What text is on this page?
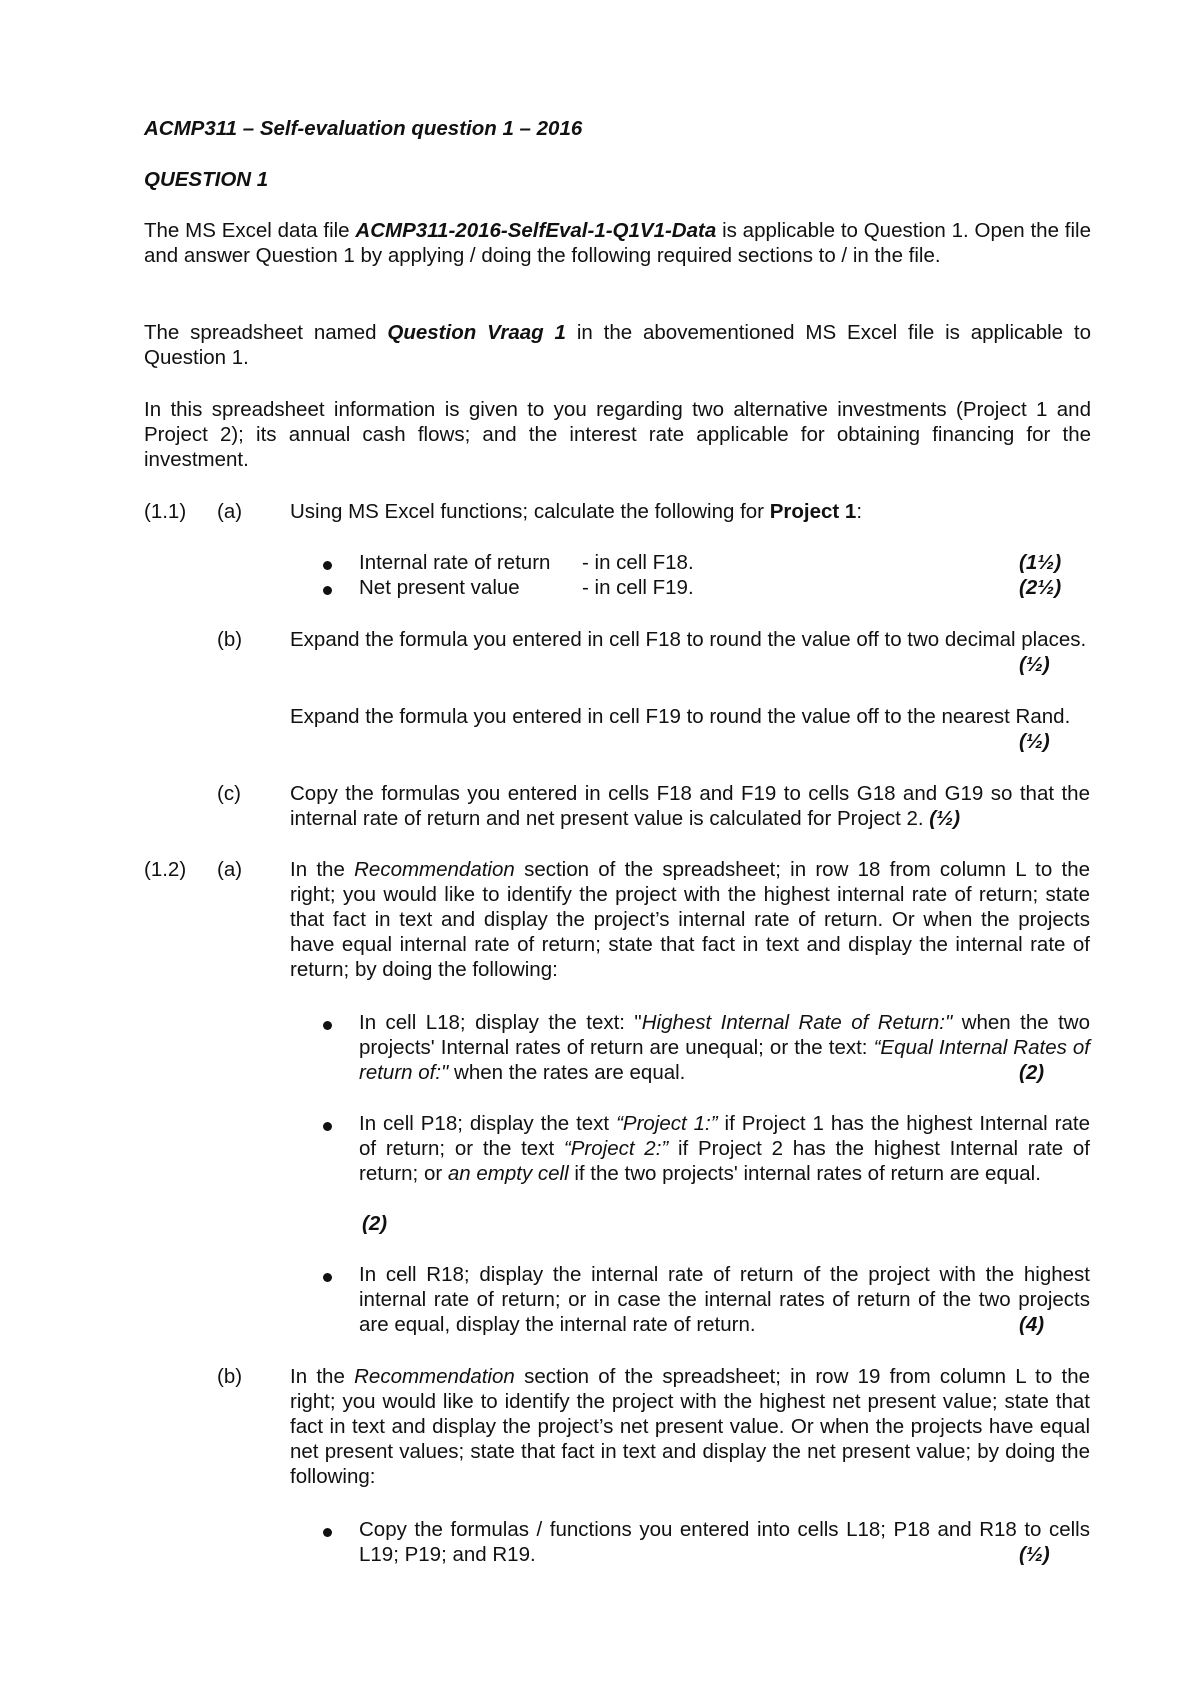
ACMP311 – Self-evaluation question 1 – 2016
QUESTION 1

The MS Excel data file ACMP311-2016-SelfEval-1-Q1V1-Data is applicable to Question 1. Open the file and answer Question 1 by applying / doing the following required sections to / in the file.

The spreadsheet named Question Vraag 1 in the abovementioned MS Excel file is applicable to Question 1.

In this spreadsheet information is given to you regarding two alternative investments (Project 1 and Project 2); its annual cash flows; and the interest rate applicable for obtaining financing for the investment.

(1.1) (a) Using MS Excel functions; calculate the following for Project 1:

Internal rate of return - in cell F18.	(1½)
Net present value	- in cell F19.	(2½)
(b) Expand the formula you entered in cell F18 to round the value off to two decimal places.

(½)

Expand the formula you entered in cell F19 to round the value off to the nearest Rand.

(½)
(c) Copy the formulas you entered in cells F18 and F19 to cells G18 and G19 so that the internal rate of return and net present value is calculated for Project 2. (½)

(1.2) (a) In the Recommendation section of the spreadsheet; in row 18 from column L to the right; you would like to identify the project with the highest internal rate of return; state that fact in text and display the project’s internal rate of return. Or when the projects have equal internal rate of return; state that fact in text and display the internal rate of return; by doing the following:

In cell L18; display the text: "Highest Internal Rate of Return:" when the two projects' Internal rates of return are unequal; or the text: “Equal Internal Rates of return of:" when the rates are equal.	(2)

In cell P18; display the text “Project 1:” if Project 1 has the highest Internal rate of return; or the text “Project 2:” if Project 2 has the highest Internal rate of return; or an empty cell if the two projects' internal rates of return are equal.

(2)

In cell R18; display the internal rate of return of the project with the highest internal rate of return; or in case the internal rates of return of the two projects are equal, display the internal rate of return.	(4)
(b) In the Recommendation section of the spreadsheet; in row 19 from column L to the right; you would like to identify the project with the highest net present value; state that fact in text and display the project’s net present value. Or when the projects have equal net present values; state that fact in text and display the net present value; by doing the following:

Copy the formulas / functions you entered into cells L18; P18 and R18 to cells L19; P19; and R19.	(½)
